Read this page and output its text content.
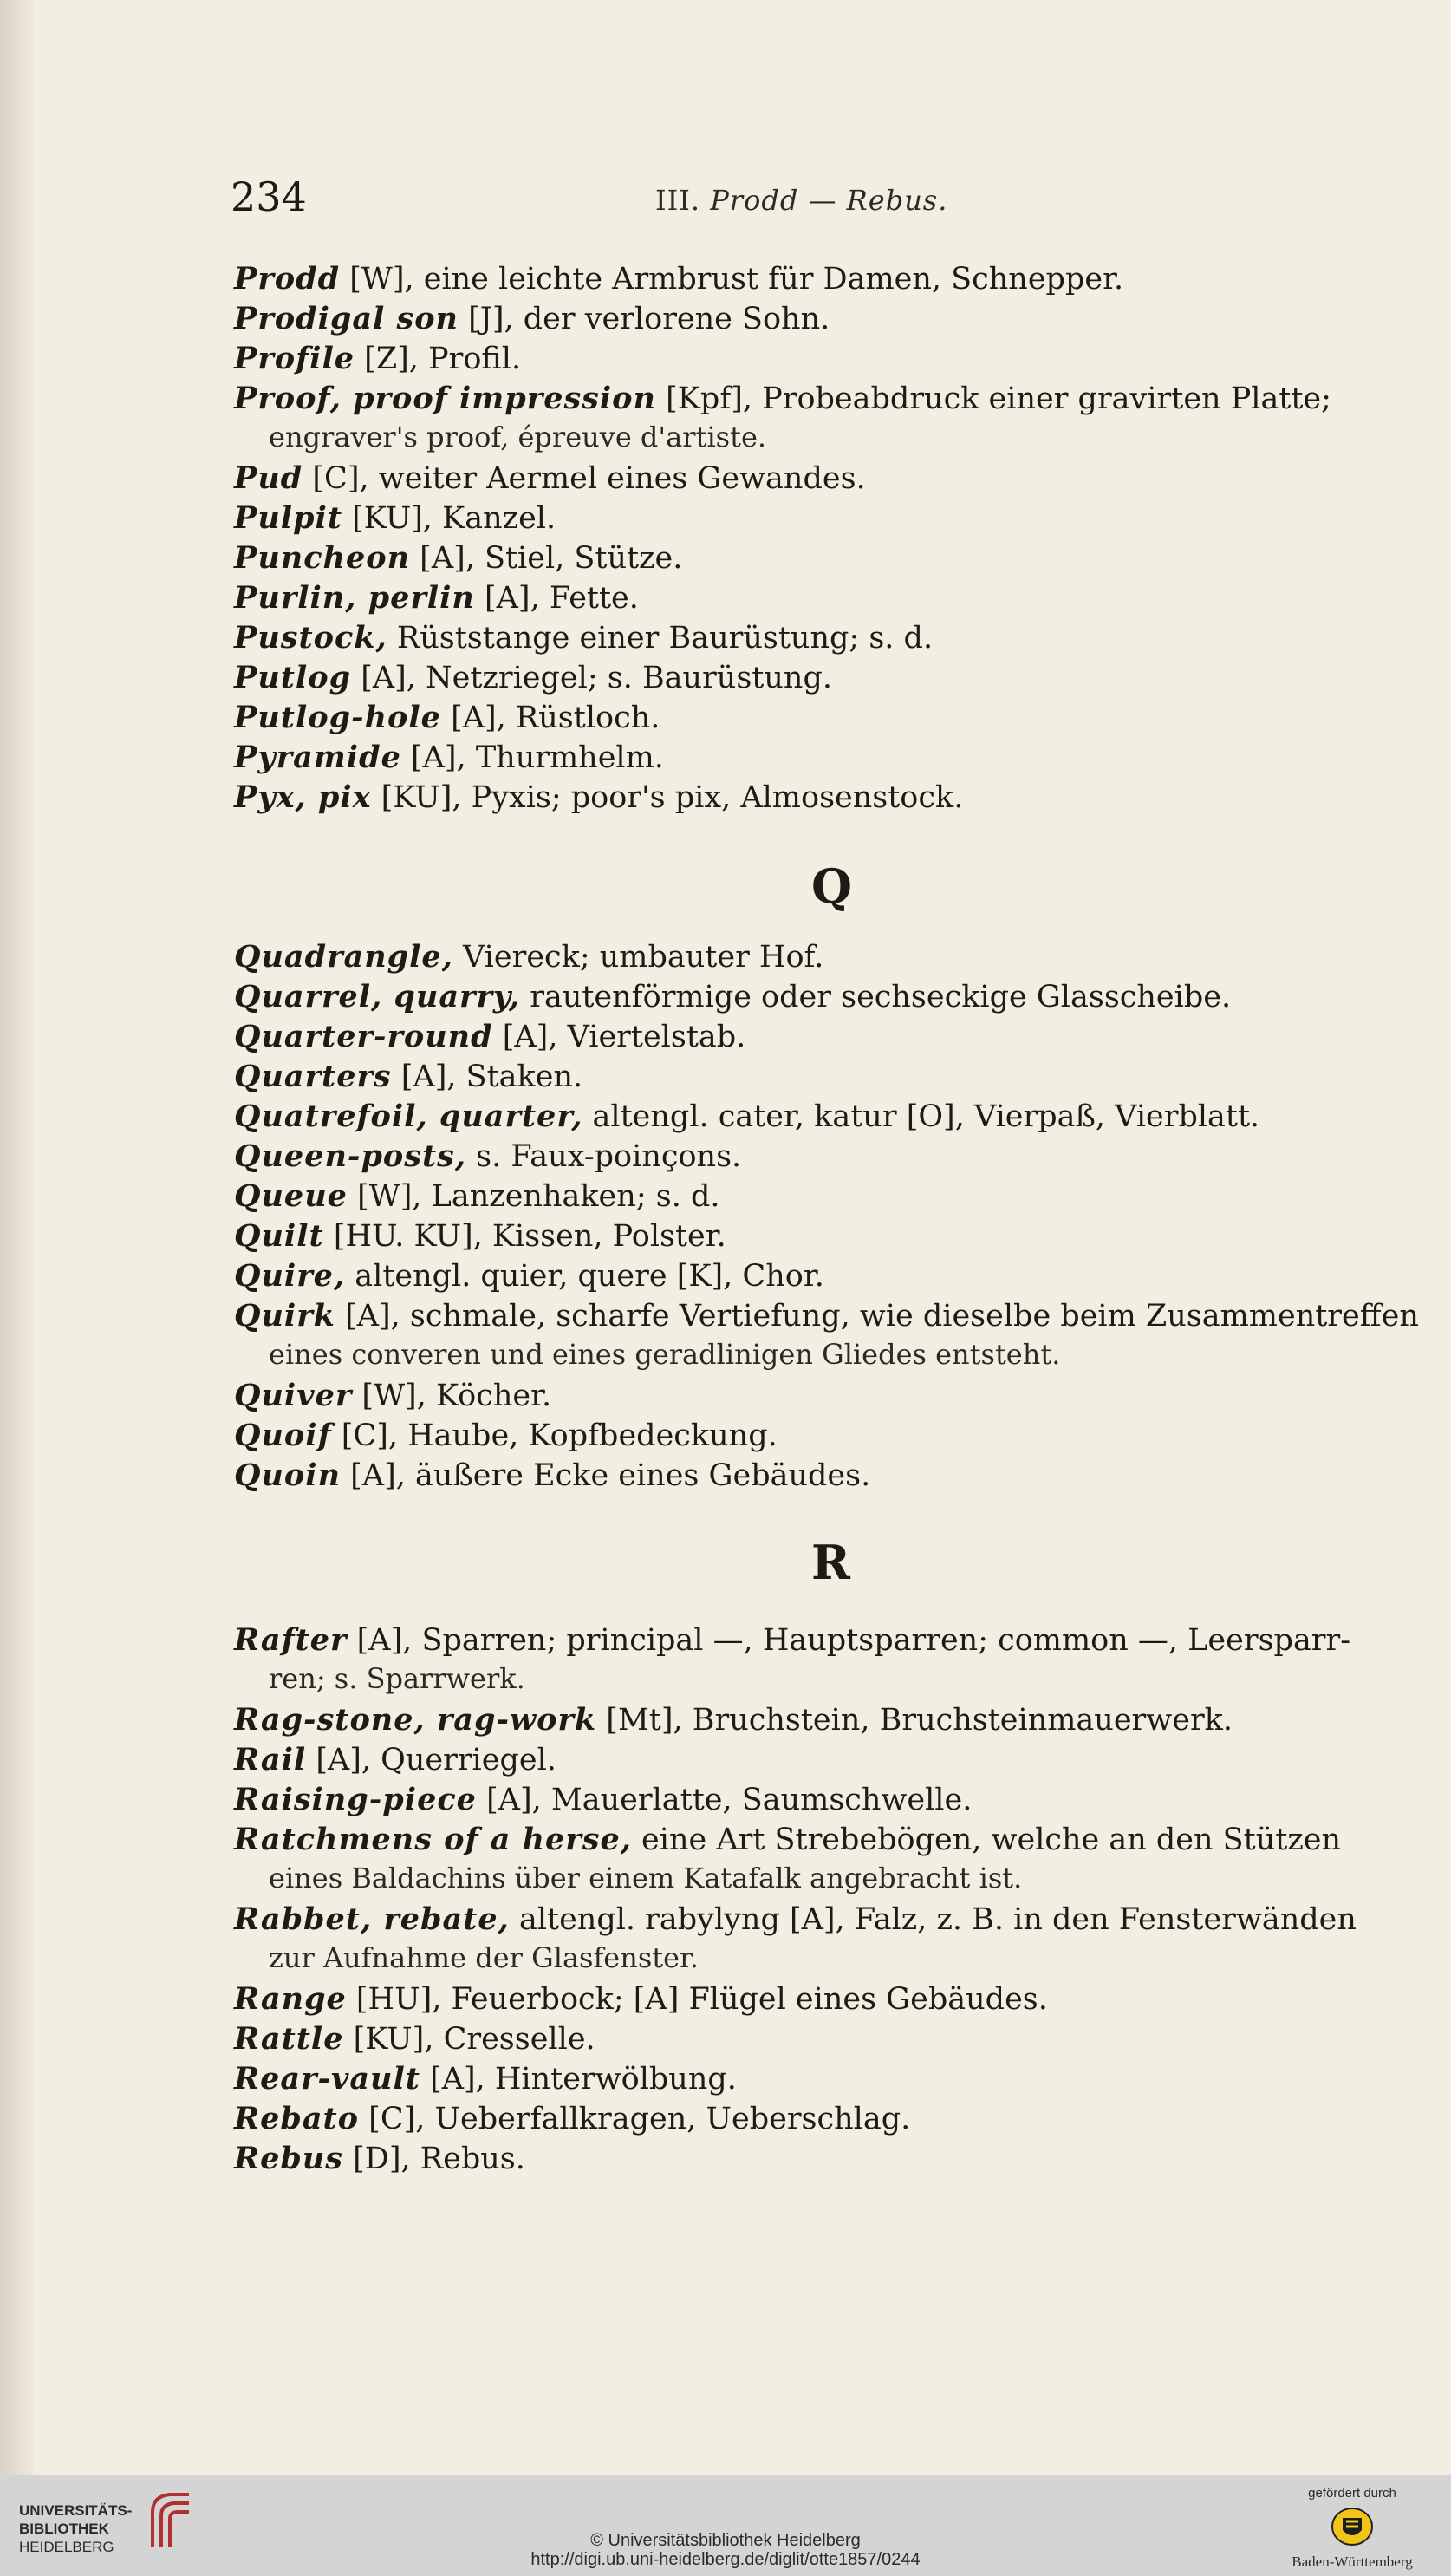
234	III. Prodd — Rebus.
Prodd [W], eine leichte Armbrust für Damen, Schnepper.
Prodigal son [J], der verlorene Sohn.
Profile [Z], Profil.
Proof, proof impression [Kpf], Probeabdruck einer gravirten Platte;
engraver's proof, épreuve d'artiste.
Pud [C], weiter Aermel eines Gewandes.
Pulpit [KU], Kanzel.
Puncheon [A], Stiel, Stütze.
Purlin, perlin [A], Fette.
Pustock, Rüststange einer Baurüstung; s. d.
Putlog [A], Netzriegel; s. Baurüstung.
Putlog-hole [A], Rüstloch.
Pyramide [A], Thurmhelm.
Pyx, pix [KU], Pyxis; poor's pix, Almosenstock.
Q
Quadrangle, Viereck; umbauter Hof.
Quarrel, quarry, rautenförmige oder sechseckige Glasscheibe.
Quarter-round [A], Viertelstab.
Quarters [A], Staken.
Quatrefoil, quarter, altengl. cater, katur [O], Vierpaß, Vierblatt.
Queen-posts, s. Faux-poinçons.
Queue [W], Lanzenhaken; s. d.
Quilt [HU. KU], Kissen, Polster.
Quire, altengl. quier, quere [K], Chor.
Quirk [A], schmale, scharfe Vertiefung, wie dieselbe beim Zusammentreffen
eines converen und eines geradlinigen Gliedes entsteht.
Quiver [W], Köcher.
Quoif [C], Haube, Kopfbedeckung.
Quoin [A], äußere Ecke eines Gebäudes.
R
Rafter [A], Sparren; principal —, Hauptsparren; common —, Leersparr-
ren; s. Sparrwerk.
Rag-stone, rag-work [Mt], Bruchstein, Bruchsteinmauerwerk.
Rail [A], Querriegel.
Raising-piece [A], Mauerlatte, Saumschwelle.
Ratchmens of a herse, eine Art Strebebögen, welche an den Stützen
eines Baldachins über einem Katafalk angebracht ist.
Rabbet, rebate, altengl. rabylyng [A], Falz, z. B. in den Fensterwänden
zur Aufnahme der Glasfenster.
Range [HU], Feuerbock; [A] Flügel eines Gebäudes.
Rattle [KU], Cresselle.
Rear-vault [A], Hinterwölbung.
Rebato [C], Ueberfallkragen, Ueberschlag.
Rebus [D], Rebus.
UNIVERSITÄTS-
BIBLIOTHEK
HEIDELBERG	© Universitätsbibliothek Heidelberg
http://digi.ub.uni-heidelberg.de/diglit/otte1857/0244
gefördert durch
Baden-Württemberg
